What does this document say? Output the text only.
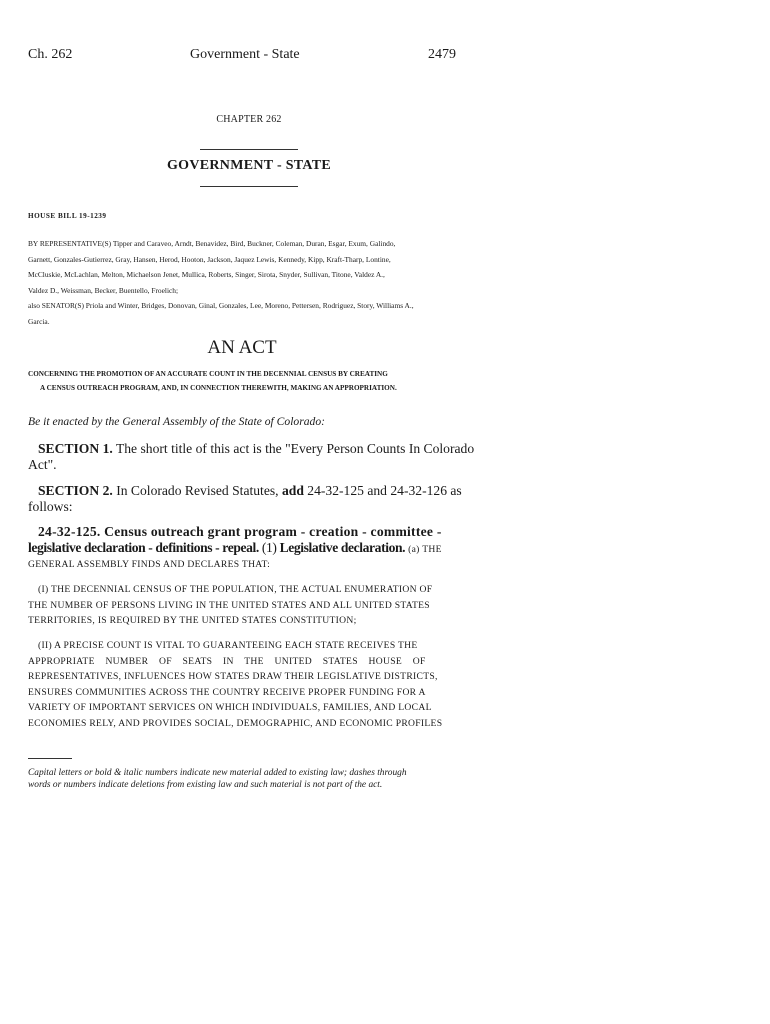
Ch. 262	Government - State	2479
CHAPTER 262
GOVERNMENT - STATE
HOUSE BILL 19-1239
BY REPRESENTATIVE(S) Tipper and Caraveo, Arndt, Benavidez, Bird, Buckner, Coleman, Duran, Esgar, Exum, Galindo,
Garnett, Gonzales-Gutierrez, Gray, Hansen, Herod, Hooton, Jackson, Jaquez Lewis, Kennedy, Kipp, Kraft-Tharp, Lontine,
McCluskie, McLachlan, Melton, Michaelson Jenet, Mullica, Roberts, Singer, Sirota, Snyder, Sullivan, Titone, Valdez A.,
Valdez D., Weissman, Becker, Buentello, Froelich;
also SENATOR(S) Priola and Winter, Bridges, Donovan, Ginal, Gonzales, Lee, Moreno, Pettersen, Rodriguez, Story, Williams A.,
Garcia.
AN ACT
CONCERNING THE PROMOTION OF AN ACCURATE COUNT IN THE DECENNIAL CENSUS BY CREATING
A CENSUS OUTREACH PROGRAM, AND, IN CONNECTION THEREWITH, MAKING AN APPROPRIATION.
Be it enacted by the General Assembly of the State of Colorado:
SECTION 1. The short title of this act is the "Every Person Counts In Colorado
Act".
SECTION 2. In Colorado Revised Statutes, add 24-32-125 and 24-32-126 as
follows:
24-32-125. Census outreach grant program - creation - committee -
legislative declaration - definitions - repeal. (1) Legislative declaration. (a) THE
GENERAL ASSEMBLY FINDS AND DECLARES THAT:
(I) THE DECENNIAL CENSUS OF THE POPULATION, THE ACTUAL ENUMERATION OF
THE NUMBER OF PERSONS LIVING IN THE UNITED STATES AND ALL UNITED STATES
TERRITORIES, IS REQUIRED BY THE UNITED STATES CONSTITUTION;
(II) A PRECISE COUNT IS VITAL TO GUARANTEEING EACH STATE RECEIVES THE
APPROPRIATE NUMBER OF SEATS IN THE UNITED STATES HOUSE OF
REPRESENTATIVES, INFLUENCES HOW STATES DRAW THEIR LEGISLATIVE DISTRICTS,
ENSURES COMMUNITIES ACROSS THE COUNTRY RECEIVE PROPER FUNDING FOR A
VARIETY OF IMPORTANT SERVICES ON WHICH INDIVIDUALS, FAMILIES, AND LOCAL
ECONOMIES RELY, AND PROVIDES SOCIAL, DEMOGRAPHIC, AND ECONOMIC PROFILES
Capital letters or bold & italic numbers indicate new material added to existing law; dashes through
words or numbers indicate deletions from existing law and such material is not part of the act.
